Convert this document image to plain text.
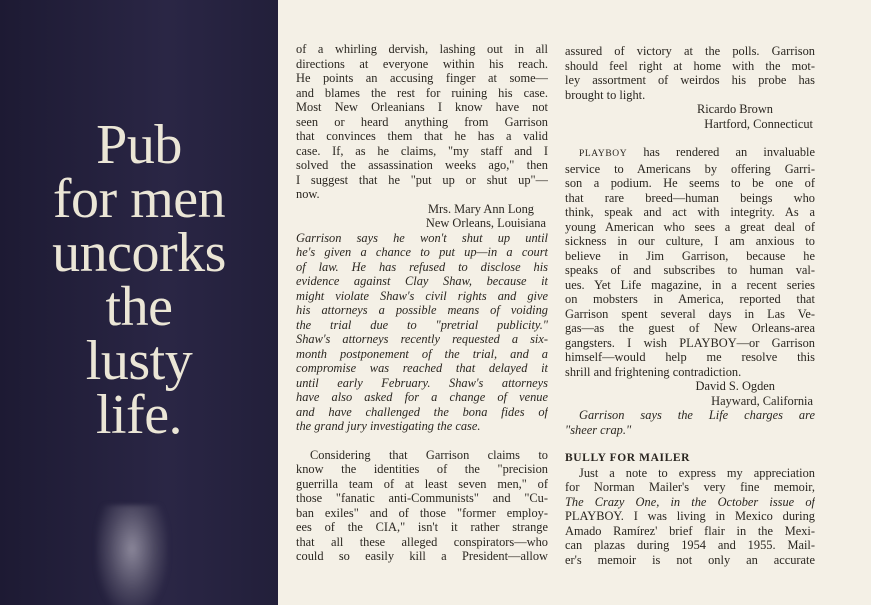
Pub
for men
uncorks
the
lusty
life.

of a whirling dervish, lashing out in all
directions at everyone within his reach.
He points an accusing finger at some—
and blames the rest for ruining his case.
Most New Orleanians I know have not
seen or heard anything from Garrison
that convinces them that he has a valid
case. If, as he claims, "my staff and I
solved the assassination weeks ago," then
I suggest that he "put up or shut up"—
now.

Mrs. Mary Ann Long
New Orleans, Louisiana

Garrison says he won't shut up until
he's given a chance to put up—in a court
of law. He has refused to disclose his
evidence against Clay Shaw, because it
might violate Shaw's civil rights and give
his attorneys a possible means of voiding
the trial due to "pretrial publicity."
Shaw's attorneys recently requested a six-
month postponement of the trial, and a
compromise was reached that delayed it
until early February. Shaw's attorneys
have also asked for a change of venue
and have challenged the bona fides of
the grand jury investigating the case.

Considering that Garrison claims to
know the identities of the "precision
guerrilla team of at least seven men," of
those "fanatic anti-Communists" and "Cu-
ban exiles" and of those "former employ-
ees of the CIA," isn't it rather strange
that all these alleged conspirators—who
could so easily kill a President—allow

assured of victory at the polls. Garrison
should feel right at home with the mot-
ley assortment of weirdos his probe has
brought to light.

Ricardo Brown
Hartford, Connecticut

PLAYBOY has rendered an invaluable
service to Americans by offering Garri-
son a podium. He seems to be one of
that rare breed—human beings who
think, speak and act with integrity. As a
young American who sees a great deal of
sickness in our culture, I am anxious to
believe in Jim Garrison, because he
speaks of and subscribes to human val-
ues. Yet Life magazine, in a recent series
on mobsters in America, reported that
Garrison spent several days in Las Ve-
gas—as the guest of New Orleans-area
gangsters. I wish PLAYBOY—or Garrison
himself—would help me resolve this
shrill and frightening contradiction.

David S. Ogden
Hayward, California

Garrison says the Life charges are
"sheer crap."

BULLY FOR MAILER

Just a note to express my appreciation
for Norman Mailer's very fine memoir,
The Crazy One, in the October issue of
PLAYBOY. I was living in Mexico during
Amado Ramírez' brief flair in the Mexi-
can plazas during 1954 and 1955. Mail-
er's memoir is not only an accurate
